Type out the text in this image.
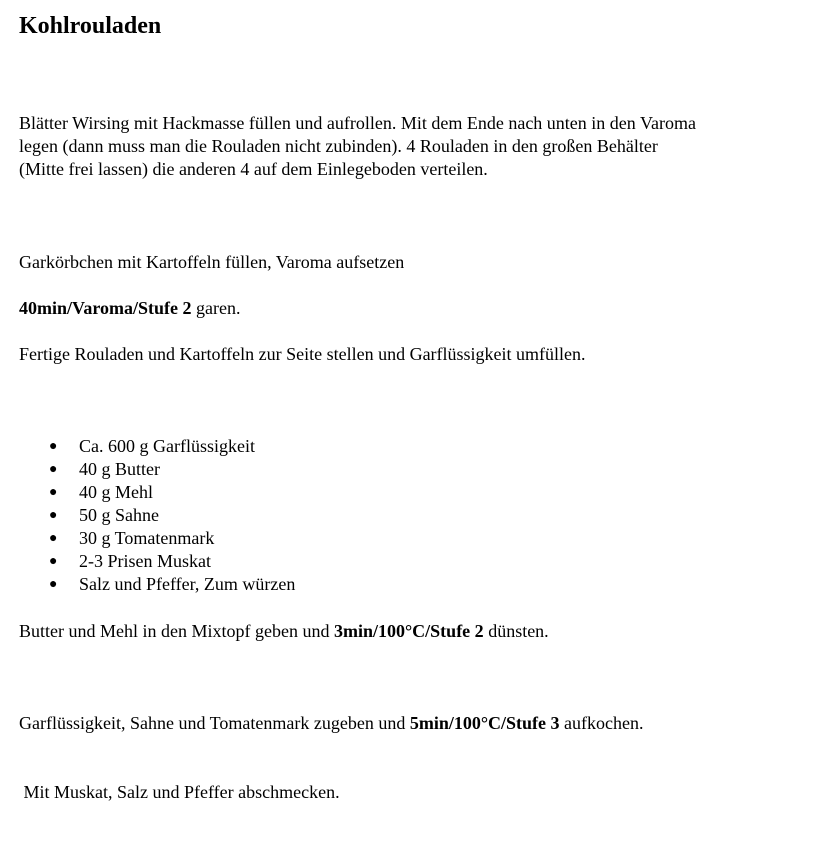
Kohlrouladen
Blätter Wirsing mit Hackmasse füllen und aufrollen. Mit dem Ende nach unten in den Varoma
legen (dann muss man die Rouladen nicht zubinden). 4 Rouladen in den großen Behälter
(Mitte frei lassen) die anderen 4 auf dem Einlegeboden verteilen.
Garkörbchen mit Kartoffeln füllen, Varoma aufsetzen
40min/Varoma/Stufe 2 garen.
Fertige Rouladen und Kartoffeln zur Seite stellen und Garflüssigkeit umfüllen.
● Ca. 600 g Garflüssigkeit
● 40 g Butter
● 40 g Mehl
● 50 g Sahne
● 30 g Tomatenmark
● 2-3 Prisen Muskat
● Salz und Pfeffer, Zum würzen
Butter und Mehl in den Mixtopf geben und 3min/100°C/Stufe 2 dünsten.

Garflüssigkeit, Sahne und Tomatenmark zugeben und 5min/100°C/Stufe 3 aufkochen.

Mit Muskat, Salz und Pfeffer abschmecken.
